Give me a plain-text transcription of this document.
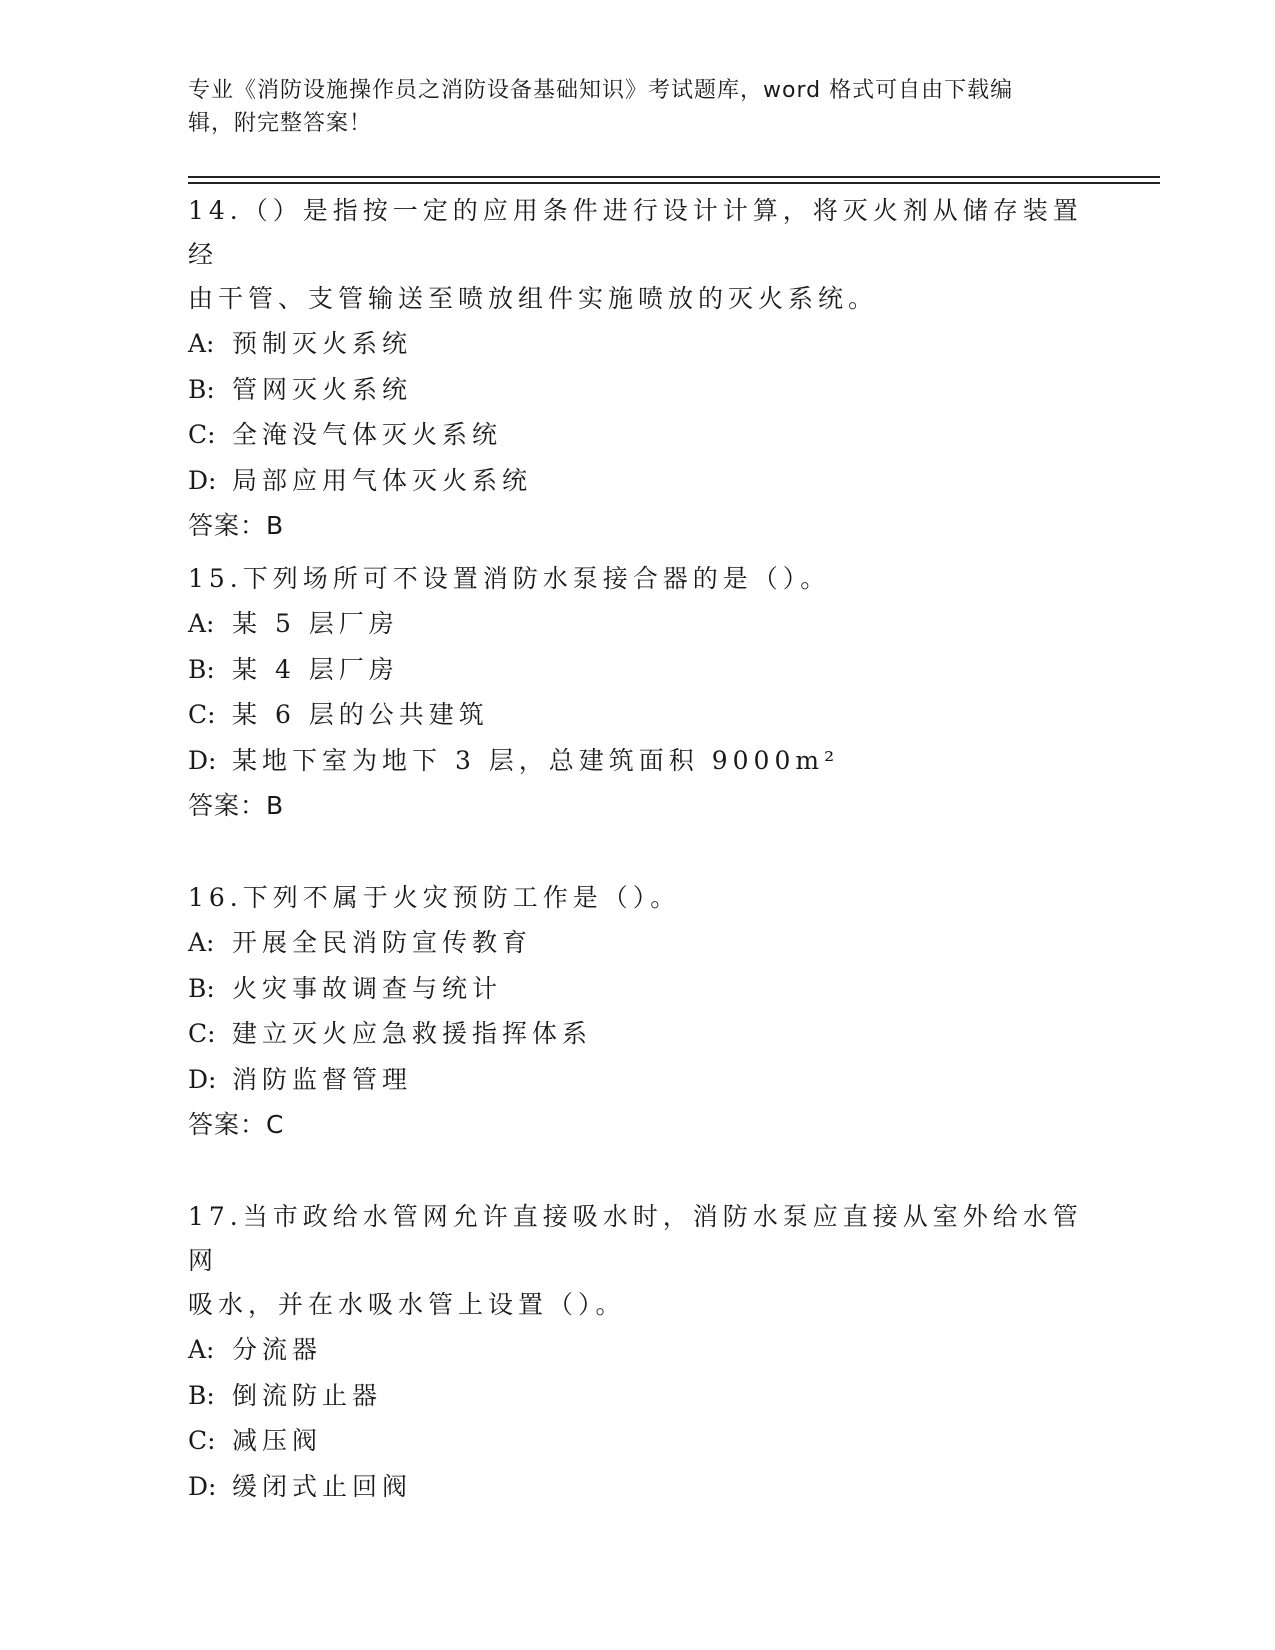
专业《消防设施操作员之消防设备基础知识》考试题库，word 格式可自由下载编
辑，附完整答案！
14.（）是指按一定的应用条件进行设计计算，将灭火剂从储存装置经
由干管、支管输送至喷放组件实施喷放的灭火系统。
A: 预制灭火系统
B: 管网灭火系统
C: 全淹没气体灭火系统
D: 局部应用气体灭火系统
答案：B
15.下列场所可不设置消防水泵接合器的是（）。
A: 某 5 层厂房
B: 某 4 层厂房
C: 某 6 层的公共建筑
D: 某地下室为地下 3 层，总建筑面积 9000m²
答案：B
16.下列不属于火灾预防工作是（）。
A: 开展全民消防宣传教育
B: 火灾事故调查与统计
C: 建立灭火应急救援指挥体系
D: 消防监督管理
答案：C
17.当市政给水管网允许直接吸水时，消防水泵应直接从室外给水管网
吸水，并在水吸水管上设置（）。
A: 分流器
B: 倒流防止器
C: 减压阀
D: 缓闭式止回阀
